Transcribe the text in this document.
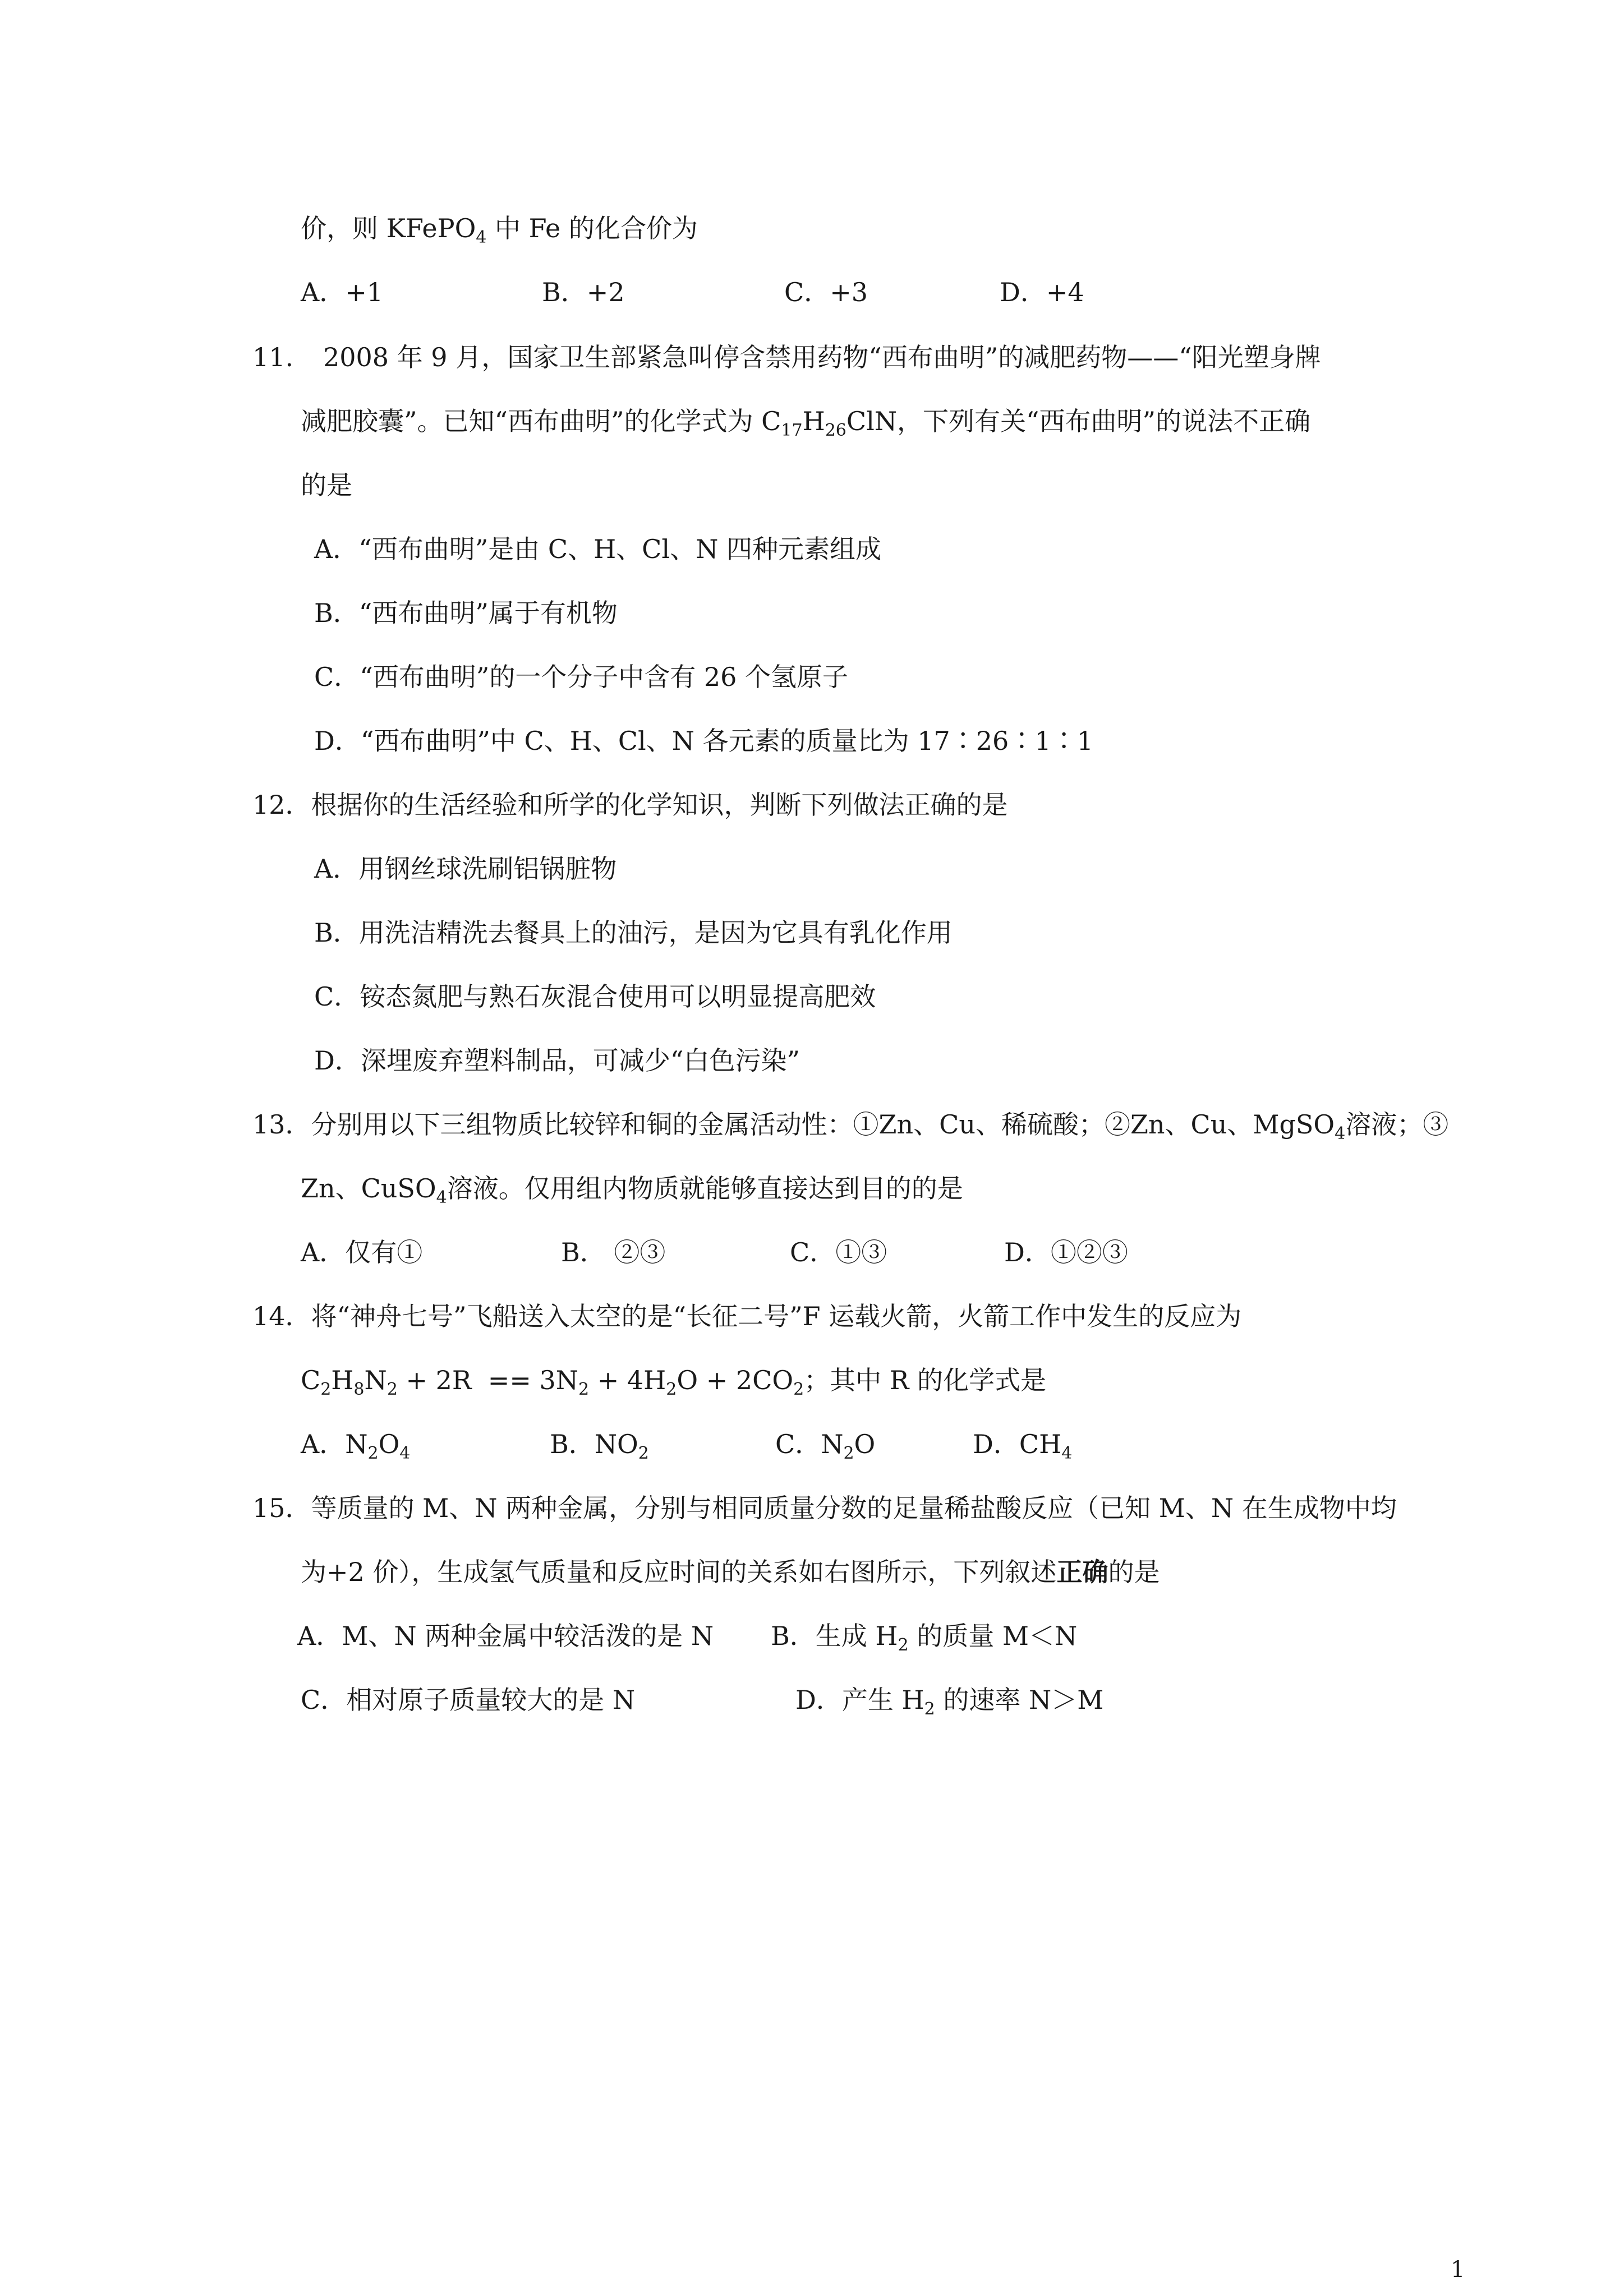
价，则 KFePO$_4$ 中 Fe 的化合价为
A．+1	B．+2	C．+3	D．+4
11. 2008 年 9 月，国家卫生部紧急叫停含禁用药物“西布曲明”的减肥药物——“阳光塑身牌
减肥胶囊”。已知“西布曲明”的化学式为 $C_{17}H_{26}ClN$，下列有关“西布曲明”的说法不正确
的是
A．“西布曲明”是由 C、H、Cl、N 四种元素组成
B．“西布曲明”属于有机物
C．“西布曲明”的一个分子中含有 26 个氢原子
D．“西布曲明”中 C、H、Cl、N 各元素的质量比为 17∶26∶1∶1
12．根据你的生活经验和所学的化学知识，判断下列做法正确的是
A．用钢丝球洗刷铝锅脏物
B．用洗洁精洗去餐具上的油污，是因为它具有乳化作用
C．铵态氮肥与熟石灰混合使用可以明显提高肥效
D．深埋废弃塑料制品，可减少“白色污染”
13．分别用以下三组物质比较锌和铜的金属活动性：①Zn、Cu、稀硫酸；②Zn、Cu、MgSO$_4$溶液；③
Zn、CuSO$_4$溶液。仅用组内物质就能够直接达到目的的是
A．仅有①	B． ②③	C．①③	D．①②③
14．将“神舟七号”飞船送入太空的是“长征二号”F 运载火箭，火箭工作中发生的反应为
$C_2H_8N_2 + 2R == 3N_2 + 4H_2O + 2CO_2$；其中 R 的化学式是
A．$N_2O_4$	B．$NO_2$	C．$N_2O$	D．$CH_4$
15．等质量的 M、N 两种金属，分别与相同质量分数的足量稀盐酸反应（已知 M、N 在生成物中均
为+2 价），生成氢气质量和反应时间的关系如右图所示，下列叙述正确的是
A．M、N 两种金属中较活泼的是 N B．生成 $H_2$ 的质量 M＜N
C．相对原子质量较大的是 N	D．产生 $H_2$ 的速率 N＞M
1
